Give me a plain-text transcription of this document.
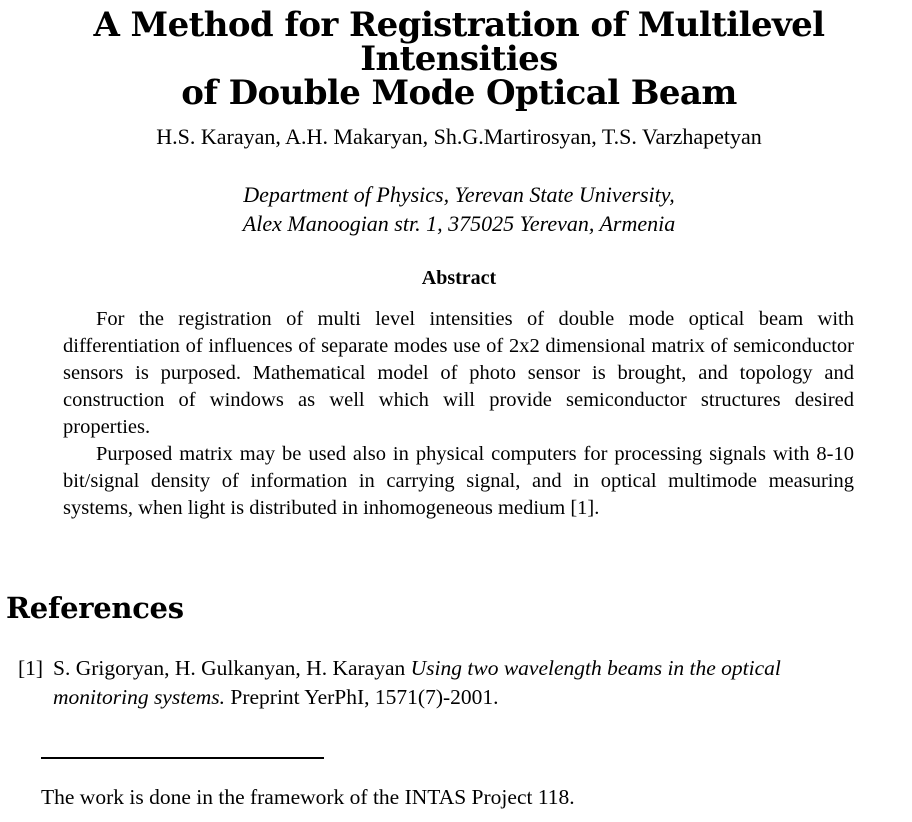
A Method for Registration of Multilevel Intensities
of Double Mode Optical Beam
H.S. Karayan, A.H. Makaryan, Sh.G.Martirosyan, T.S. Varzhapetyan
Department of Physics, Yerevan State University,
Alex Manoogian str. 1, 375025 Yerevan, Armenia
Abstract

For the registration of multi level intensities of double mode optical beam with differentiation of influences of separate modes use of 2x2 dimensional matrix of semiconductor sensors is purposed. Mathematical model of photo sensor is brought, and topology and construction of windows as well which will provide semiconductor structures desired properties.

Purposed matrix may be used also in physical computers for processing signals with 8-10 bit/signal density of information in carrying signal, and in optical multimode measuring systems, when light is distributed in inhomogeneous medium [1].

References
[1] S. Grigoryan, H. Gulkanyan, H. Karayan Using two wavelength beams in the optical
monitoring systems. Preprint YerPhI, 1571(7)-2001.
The work is done in the framework of the INTAS Project 118.
